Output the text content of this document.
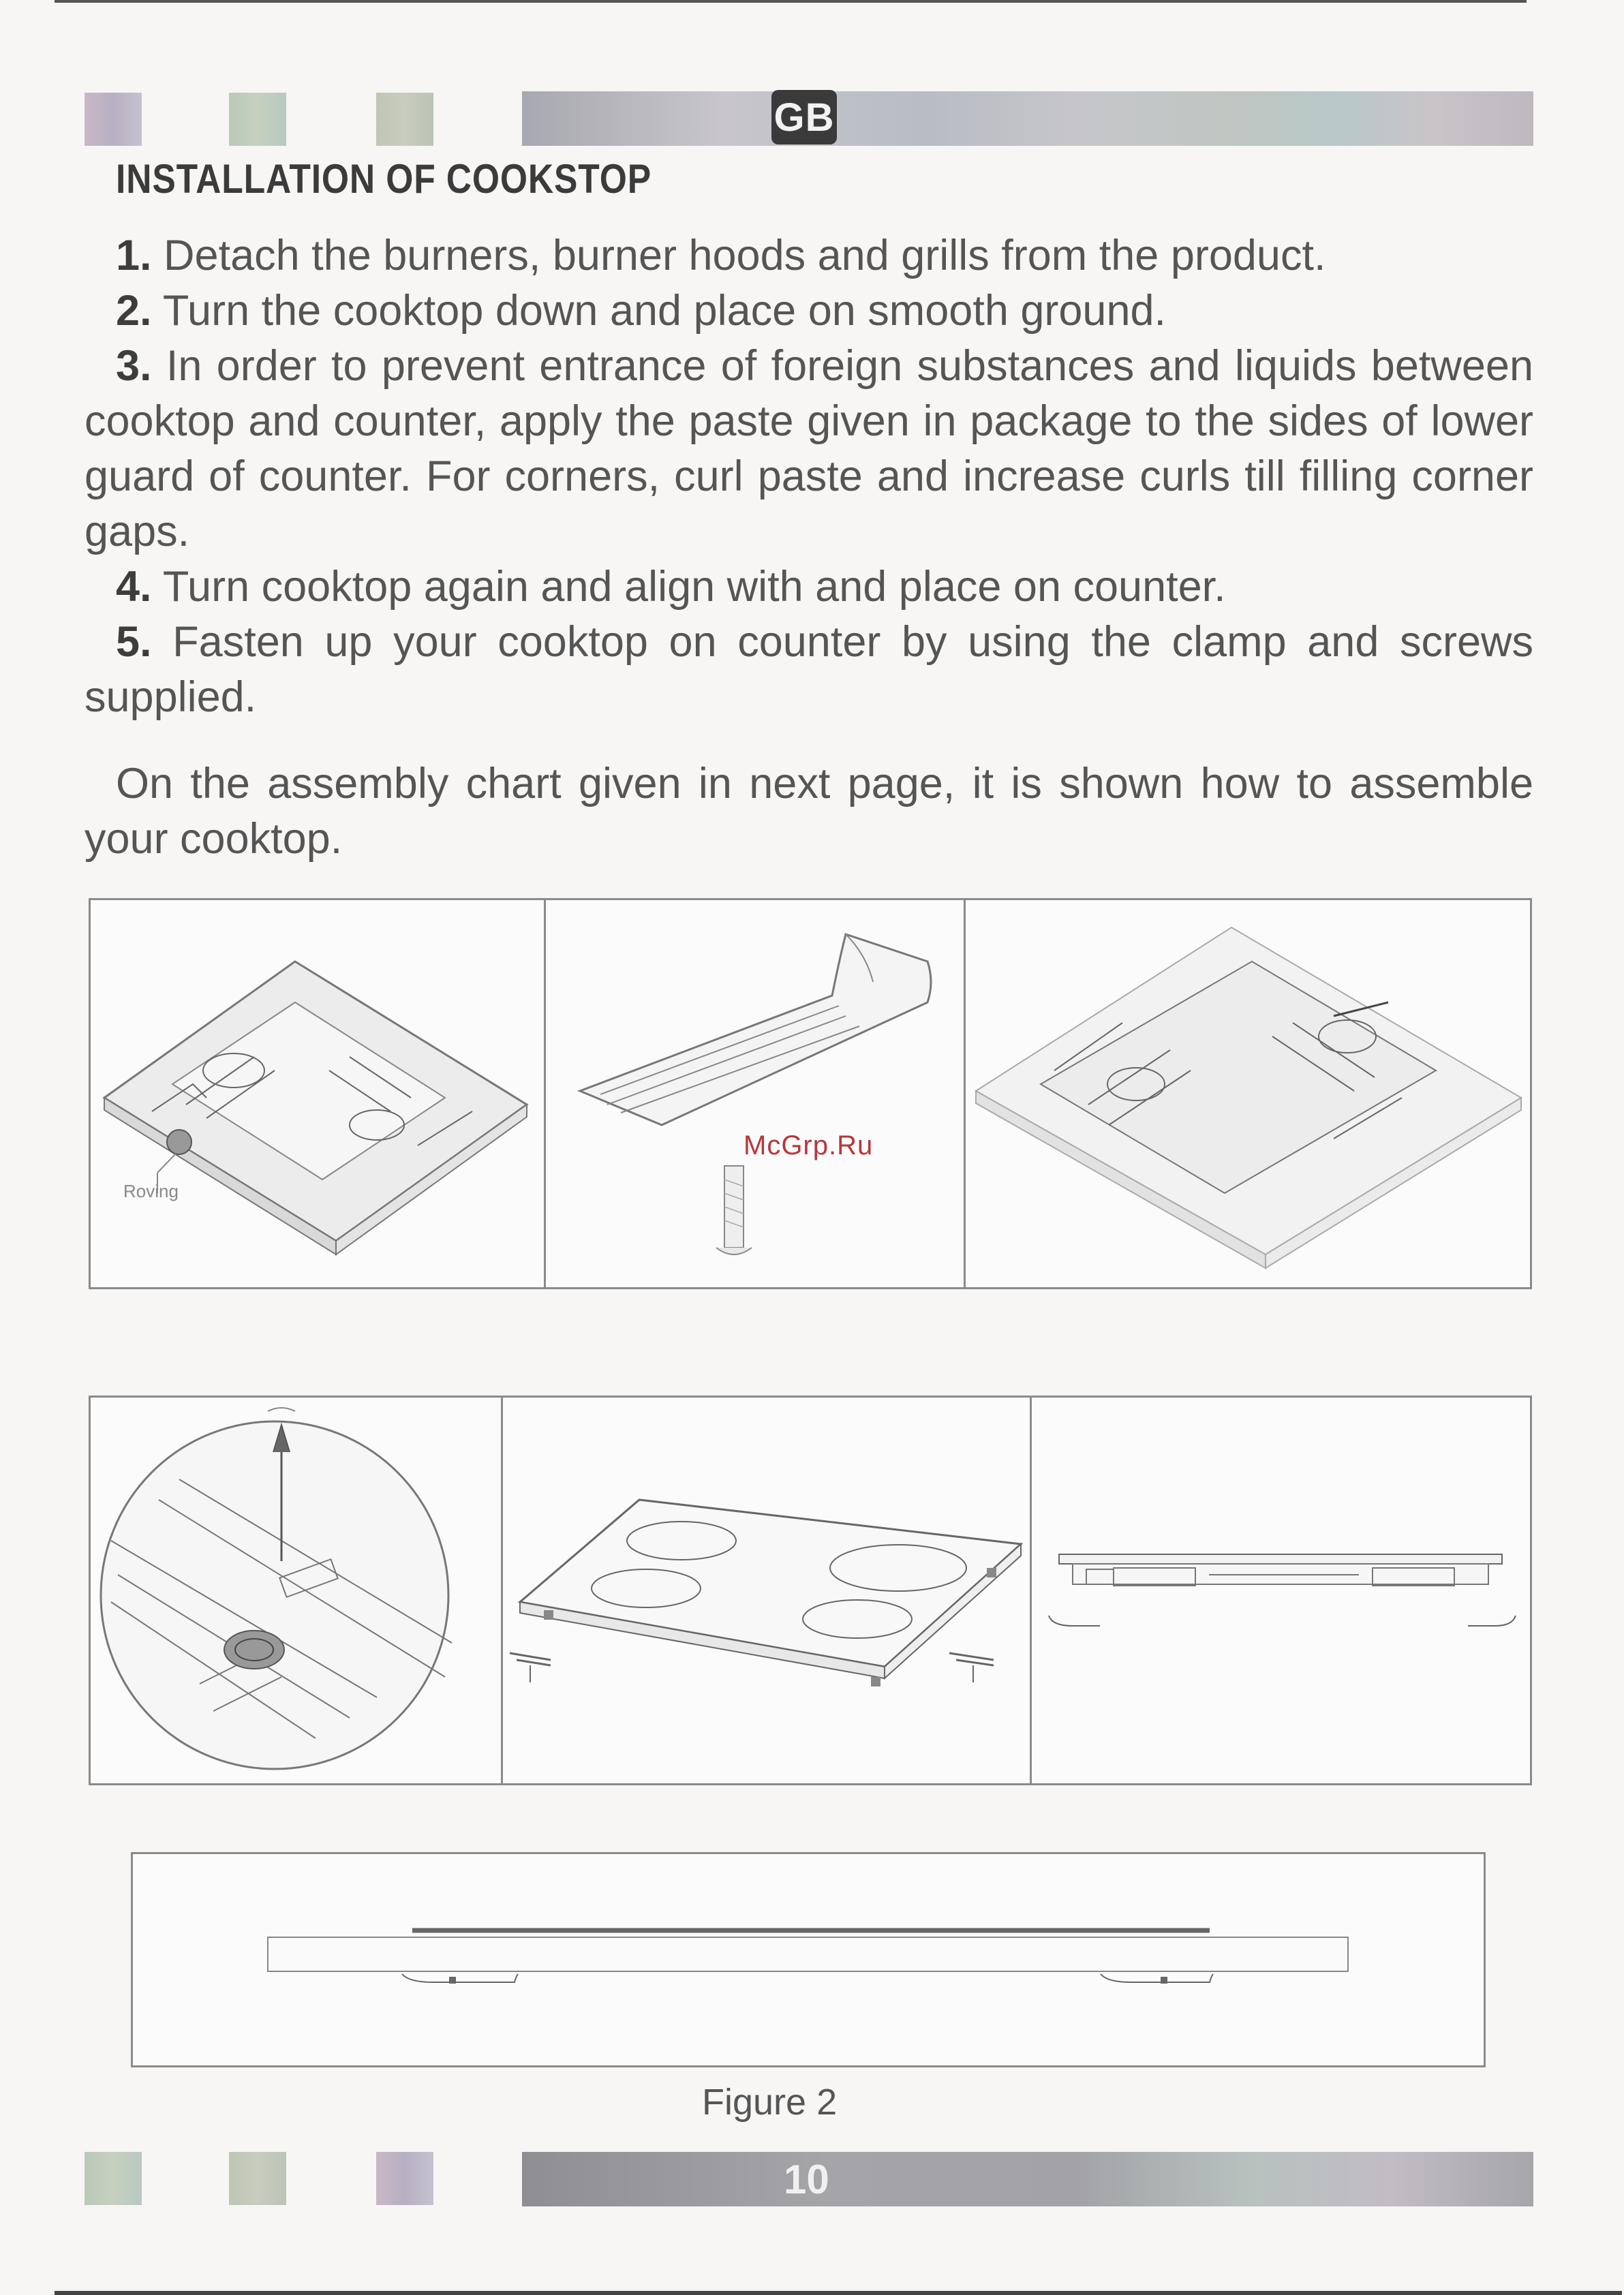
GB
INSTALLATION OF COOKSTOP

1. Detach the burners, burner hoods and grills from the product.

2. Turn the cooktop down and place on smooth ground.

3. In order to prevent entrance of foreign substances and liquids between cooktop and counter, apply the paste given in package to the sides of lower guard of counter. For corners, curl paste and increase curls till filling corner gaps.

4. Turn cooktop again and align with and place on counter.

5. Fasten up your cooktop on counter by using the clamp and screws supplied.

On the assembly chart given in next page, it is shown how to assemble your cooktop.

Roving
McGrp.Ru
Figure 2
10
